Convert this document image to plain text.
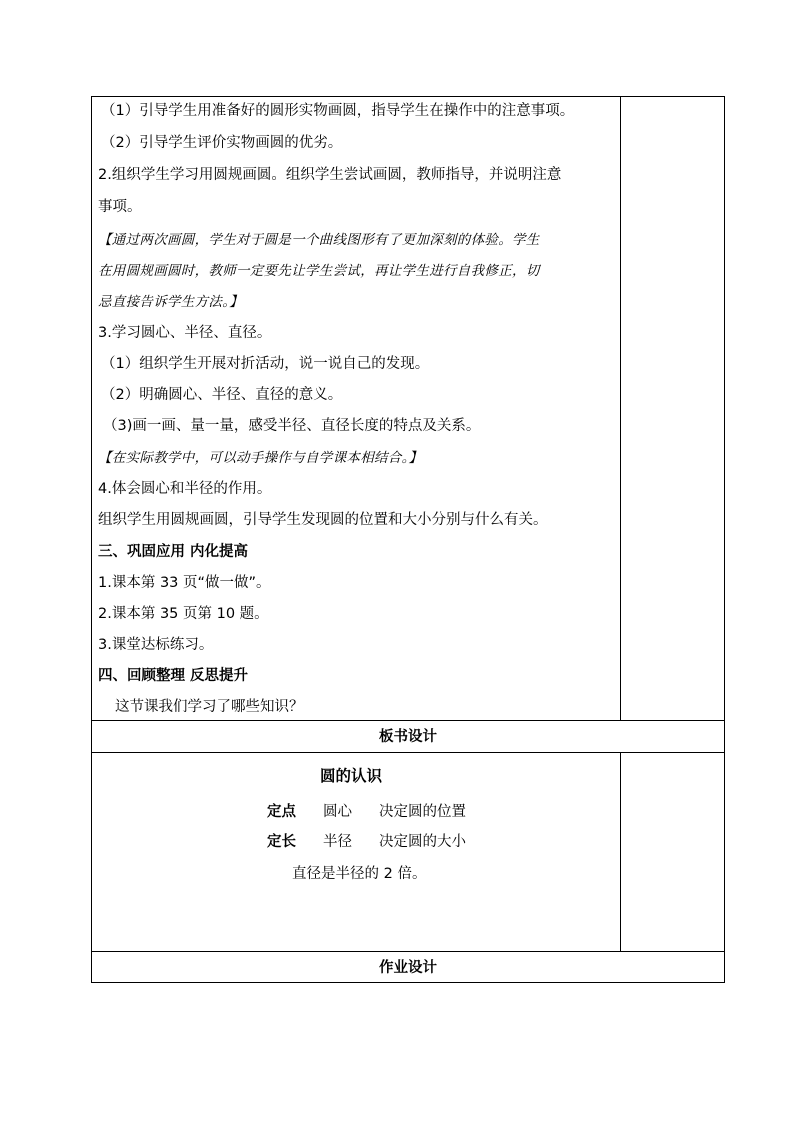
（1）引导学生用准备好的圆形实物画圆，指导学生在操作中的注意事项。
（2）引导学生评价实物画圆的优劣。
2.组织学生学习用圆规画圆。组织学生尝试画圆，教师指导，并说明注意
事项。
【通过两次画圆，学生对于圆是一个曲线图形有了更加深刻的体验。学生
在用圆规画圆时，教师一定要先让学生尝试，再让学生进行自我修正，切
忌直接告诉学生方法。】
3.学习圆心、半径、直径。
（1）组织学生开展对折活动，说一说自己的发现。
（2）明确圆心、半径、直径的意义。
（3)画一画、量一量，感受半径、直径长度的特点及关系。
【在实际教学中，可以动手操作与自学课本相结合。】
4.体会圆心和半径的作用。
组织学生用圆规画圆，引导学生发现圆的位置和大小分别与什么有关。
三、巩固应用 内化提高
1.课本第 33 页“做一做”。
2.课本第 35 页第 10 题。
3.课堂达标练习。
四、回顾整理 反思提升
这节课我们学习了哪些知识？
板书设计
圆的认识
定点 圆心 决定圆的位置
定长 半径 决定圆的大小
直径是半径的 2 倍。
作业设计
